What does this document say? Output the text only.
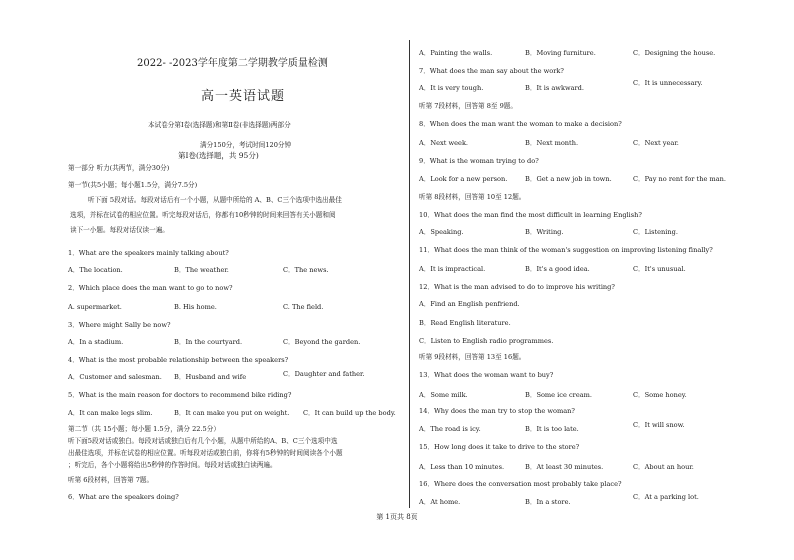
2022- -2023学年度第二学期教学质量检测
高一英语试题
本试卷分第Ⅰ卷(选择题)和第Ⅱ卷(非选择题)两部分
满分150分，考试时间120分钟
第Ⅰ卷(选择题，共 95分)
第一部分 听力(共两节，满分30分)
第一节(共5小题；每小题1.5分，满分7.5分)
听下面 5段对话。每段对话后有一个小题，从题中所给的 A、B、C三个选项中选出最佳
选项，并标在试卷的相应位置。听完每段对话后，你都有10秒钟的时间来回答有关小题和阅
读下一小题。每段对话仅读一遍。
1．What are the speakers mainly talking about?
A．The location.	B．The weather.	C．The news.
2．Which place does the man want to go to now?
A. supermarket.	B. His home.	C. The field.
3．Where might Sally be now?
A．In a stadium.	B．In the courtyard.	C．Beyond the garden.
4．What is the most probable relationship between the speakers?
A．Customer and salesman. B．Husband and wife	C．Daughter and father.
5．What is the main reason for doctors to recommend bike riding?
A．It can make legs slim.	B．It can make you put on weight. C．It can build up the body.
第二节（共 15小题；每小题 1.5分，满分 22.5分）
听下面5段对话或独白。每段对话或独白后有几个小题，从题中所给的A、B、C三个选项中选
出最佳选项，并标在试卷的相应位置。听每段对话或独白前，你将有5秒钟的时间阅读各个小题
；听完后，各个小题将给出5秒钟的作答时间。每段对话或独白读两遍。
听第 6段材料，回答第 7题。
6．What are the speakers doing?
A．Painting the walls.	B．Moving furniture.	C．Designing the house.
7．What does the man say about the work?
A．It is very tough.	B．It is awkward.
C．It is unnecessary.
听第 7段材料，回答第 8至 9题。
8．When does the man want the woman to make a decision?
A．Next week.	B．Next month.	C．Next year.
9．What is the woman trying to do?
A．Look for a new person.	B．Get a new job in town.	C．Pay no rent for the man.
听第 8段材料，回答第 10至 12题。
10．What does the man find the most difficult in learning English?
A．Speaking.	B．Writing.	C．Listening.
11．What does the man think of the woman's suggestion on improving listening finally?
A．It is impractical.	B．It's a good idea.	C．It's unusual.
12．What is the man advised to do to improve his writing?
A．Find an English penfriend.
B．Read English literature.
C．Listen to English radio programmes.
听第 9段材料，回答第 13至 16题。
13．What does the woman want to buy?
A．Some milk.	B．Some ice cream.	C．Some honey.
14．Why does the man try to stop the woman?
A．The road is icy.	B．It is too late.	C．It will snow.
15．How long does it take to drive to the store?
A．Less than 10 minutes.	B．At least 30 minutes.	C．About an hour.
16．Where does the conversation most probably take place?
A．At home.	B．In a store.
C．At a parking lot.
第 1页共 8页
